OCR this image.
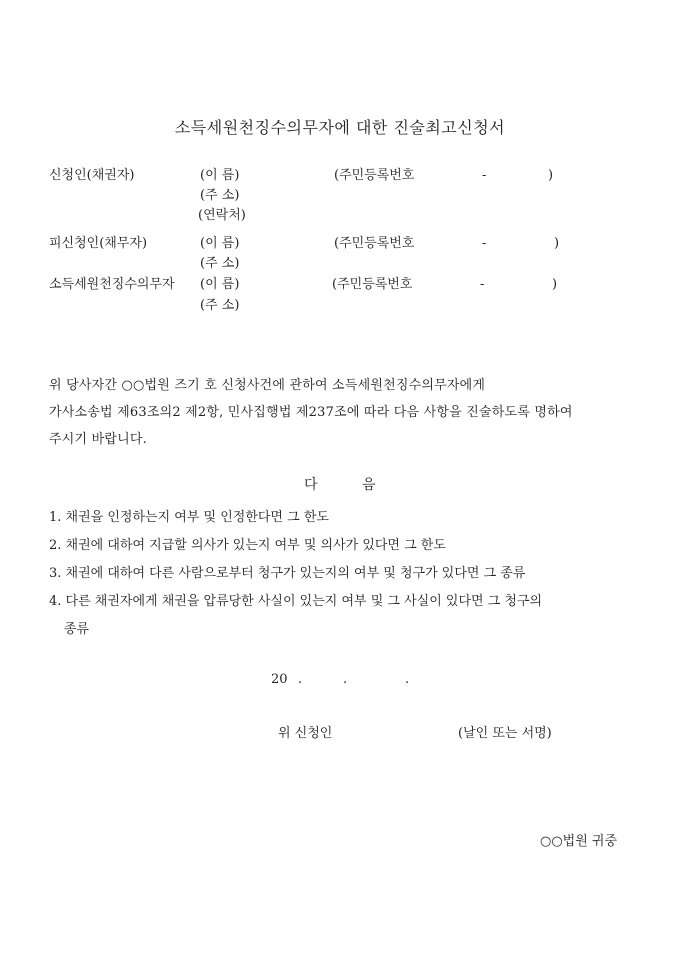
소득세원천징수의무자에 대한 진술최고신청서
신청인(채권자)	(이 름)	(주민등록번호	-	)
(주 소)
(연락처)
피신청인(채무자)	(이 름)	(주민등록번호	-	)
(주 소)
소득세원천징수의무자 (이 름)	(주민등록번호	-	)
(주 소)
위 당사자간 ○○법원 즈기 호 신청사건에 관하여 소득세원천징수의무자에게
가사소송법 제63조의2 제2항, 민사집행법 제237조에 따라 다음 사항을 진술하도록 명하여
주시기 바랍니다.
다	음
1. 채권을 인정하는지 여부 및 인정한다면 그 한도
2. 채권에 대하여 지급할 의사가 있는지 여부 및 의사가 있다면 그 한도
3. 채권에 대하여 다른 사람으로부터 청구가 있는지의 여부 및 청구가 있다면 그 종류
4. 다른 채권자에게 채권을 압류당한 사실이 있는지 여부 및 그 사실이 있다면 그 청구의
종류
20 .	.	.
위 신청인	(날인 또는 서명)
○○법원 귀중
